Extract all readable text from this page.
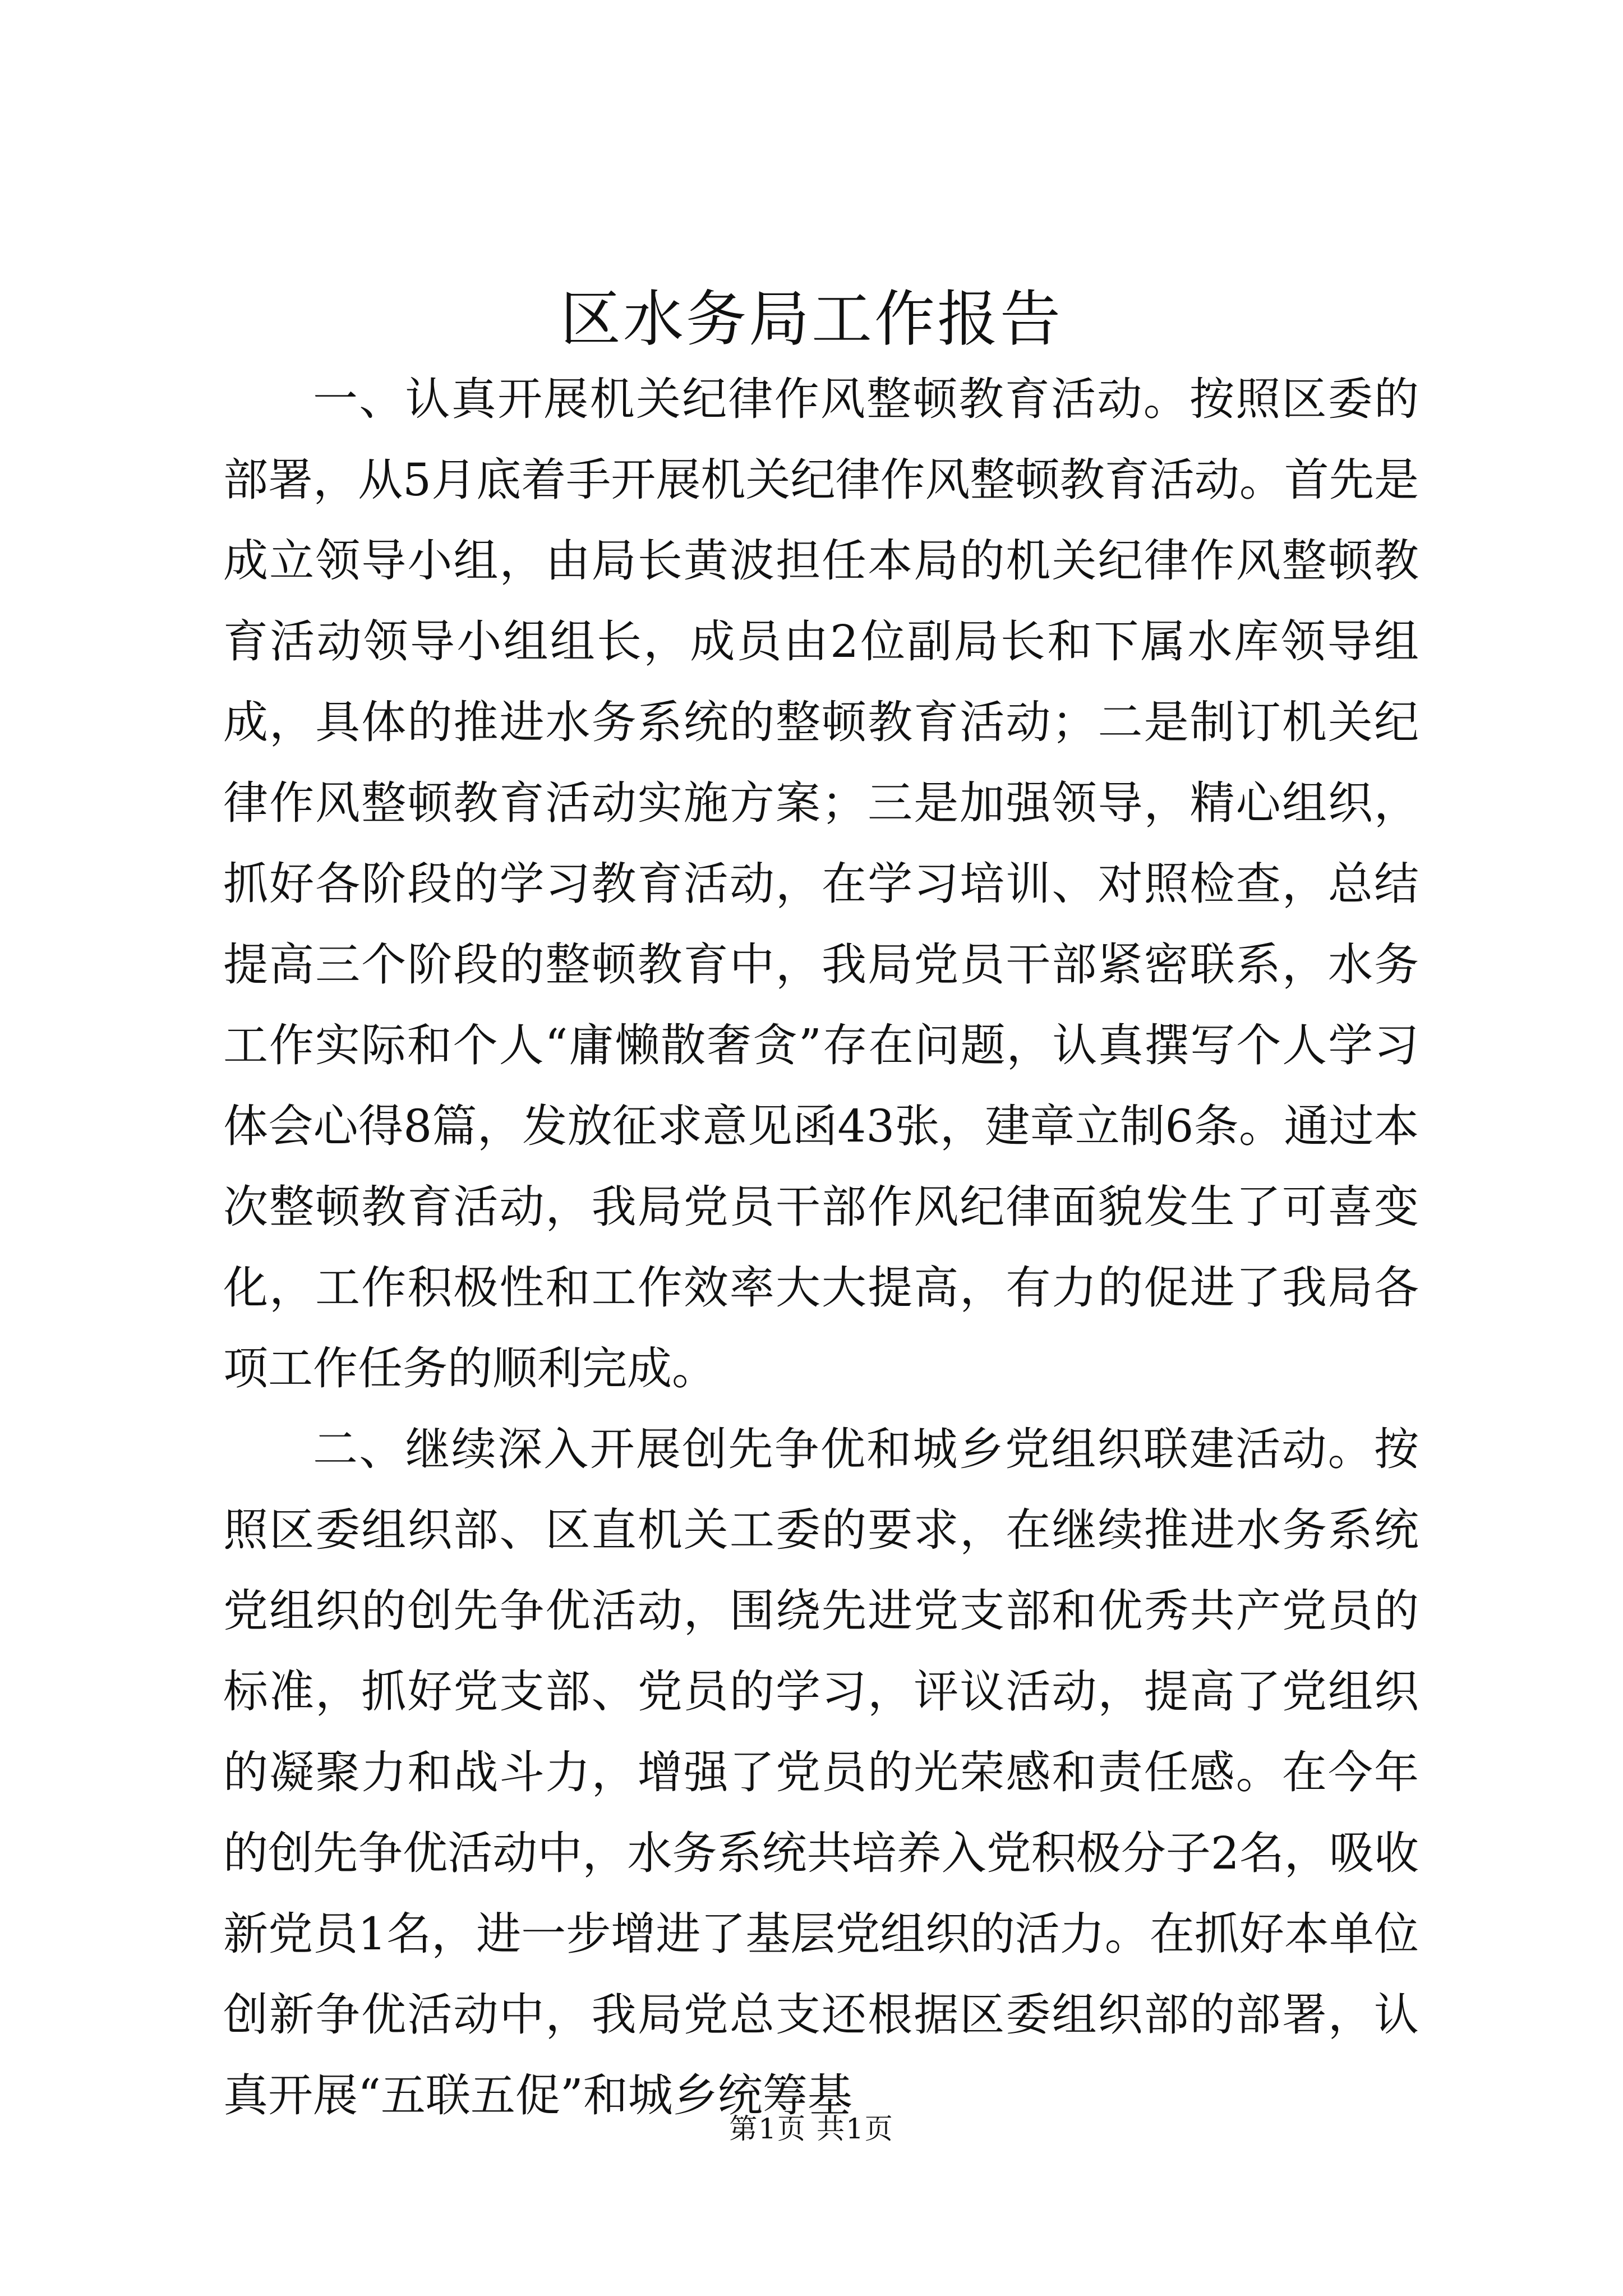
区水务局工作报告

一、认真开展机关纪律作风整顿教育活动。按照区委的部署，从5月底着手开展机关纪律作风整顿教育活动。首先是成立领导小组，由局长黄波担任本局的机关纪律作风整顿教育活动领导小组组长，成员由2位副局长和下属水库领导组成，具体的推进水务系统的整顿教育活动；二是制订机关纪律作风整顿教育活动实施方案；三是加强领导，精心组织，抓好各阶段的学习教育活动，在学习培训、对照检查，总结提高三个阶段的整顿教育中，我局党员干部紧密联系，水务工作实际和个人“庸懒散奢贪”存在问题，认真撰写个人学习体会心得8篇，发放征求意见函43张，建章立制6条。通过本次整顿教育活动，我局党员干部作风纪律面貌发生了可喜变化，工作积极性和工作效率大大提高，有力的促进了我局各项工作任务的顺利完成。

二、继续深入开展创先争优和城乡党组织联建活动。按照区委组织部、区直机关工委的要求，在继续推进水务系统党组织的创先争优活动，围绕先进党支部和优秀共产党员的标准，抓好党支部、党员的学习，评议活动，提高了党组织的凝聚力和战斗力，增强了党员的光荣感和责任感。在今年的创先争优活动中，水务系统共培养入党积极分子2名，吸收新党员1名，进一步增进了基层党组织的活力。在抓好本单位创新争优活动中，我局党总支还根据区委组织部的部署，认真开展“五联五促”和城乡统筹基

第1页 共1页
